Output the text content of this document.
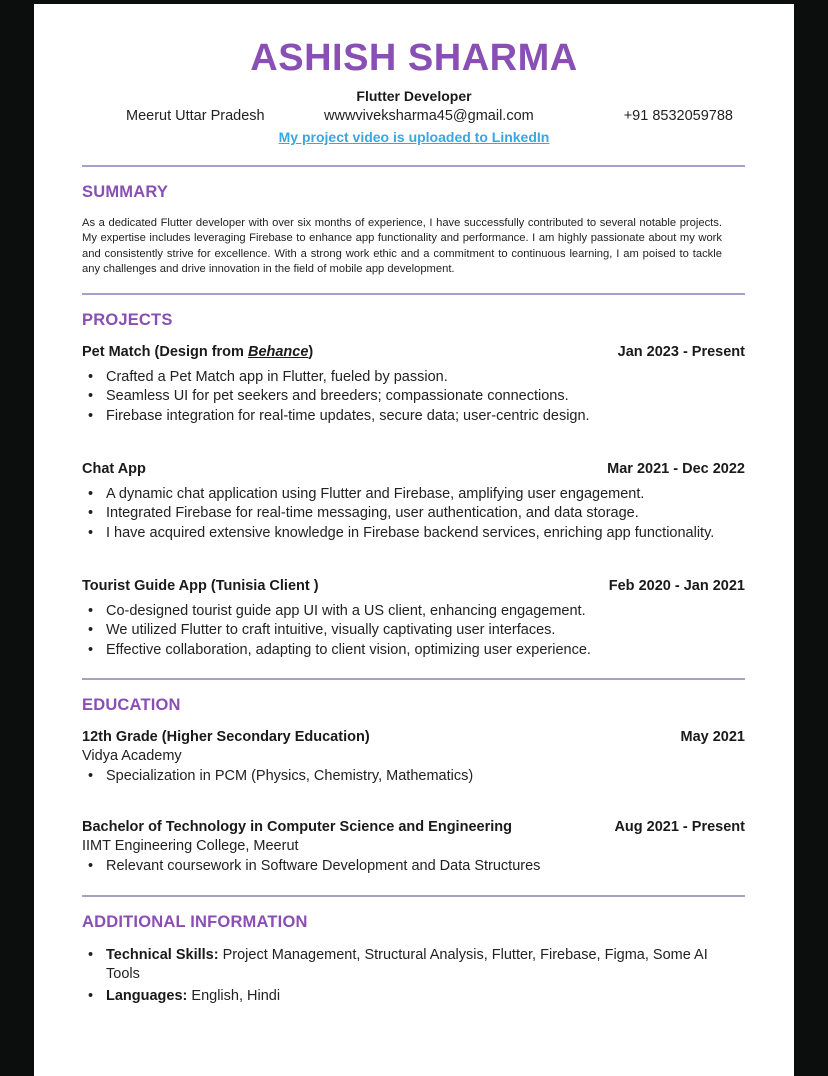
ASHISH SHARMA
Flutter Developer
Meerut Uttar Pradesh	wwwviveksharma45@gmail.com	+91 8532059788
My project video is uploaded to LinkedIn
SUMMARY
As a dedicated Flutter developer with over six months of experience, I have successfully contributed to several notable projects. My expertise includes leveraging Firebase to enhance app functionality and performance. I am highly passionate about my work and consistently strive for excellence. With a strong work ethic and a commitment to continuous learning, I am poised to tackle any challenges and drive innovation in the field of mobile app development.
PROJECTS
Pet Match (Design from Behance)	Jan 2023 - Present
• Crafted a Pet Match app in Flutter, fueled by passion.
• Seamless UI for pet seekers and breeders; compassionate connections.
• Firebase integration for real-time updates, secure data; user-centric design.
Chat App	Mar 2021 - Dec 2022
• A dynamic chat application using Flutter and Firebase, amplifying user engagement.
• Integrated Firebase for real-time messaging, user authentication, and data storage.
• I have acquired extensive knowledge in Firebase backend services, enriching app functionality.
Tourist Guide App (Tunisia Client )	Feb 2020 - Jan 2021
• Co-designed tourist guide app UI with a US client, enhancing engagement.
• We utilized Flutter to craft intuitive, visually captivating user interfaces.
• Effective collaboration, adapting to client vision, optimizing user experience.
EDUCATION
12th Grade (Higher Secondary Education)	May 2021
Vidya Academy
• Specialization in PCM (Physics, Chemistry, Mathematics)
Bachelor of Technology in Computer Science and Engineering	Aug 2021 - Present
IIMT Engineering College, Meerut
• Relevant coursework in Software Development and Data Structures
ADDITIONAL INFORMATION
• Technical Skills: Project Management, Structural Analysis, Flutter, Firebase, Figma, Some AI Tools
• Languages: English, Hindi
